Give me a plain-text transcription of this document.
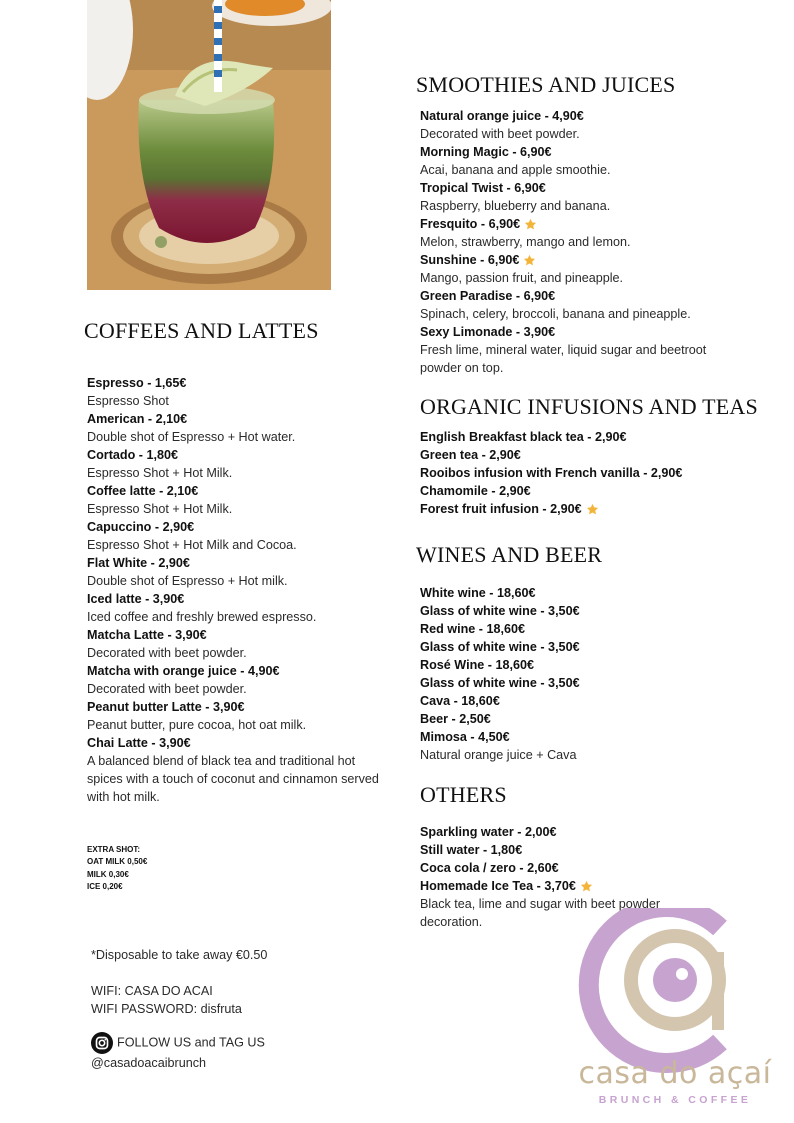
COFFEES AND LATTES
Espresso - 1,65€
Espresso Shot
American - 2,10€
Double shot of Espresso + Hot water.
Cortado - 1,80€
Espresso Shot + Hot Milk.
Coffee latte - 2,10€
Espresso Shot + Hot Milk.
Capuccino - 2,90€
Espresso Shot + Hot Milk and Cocoa.
Flat White - 2,90€
Double shot of Espresso + Hot milk.
Iced latte - 3,90€
Iced coffee and freshly brewed espresso.
Matcha Latte - 3,90€
Decorated with beet powder.
Matcha with orange juice - 4,90€
Decorated with beet powder.
Peanut butter Latte - 3,90€
Peanut butter, pure cocoa, hot oat milk.
Chai Latte - 3,90€
A balanced blend of black tea and traditional hot spices with a touch of coconut and cinnamon served with hot milk.
EXTRA SHOT:
OAT MILK 0,50€
MILK 0,30€
ICE 0,20€
*Disposable to take away €0.50
WIFI: CASA DO ACAI
WIFI PASSWORD: disfruta
FOLLOW US and TAG US
@casadoacaibrunch
SMOOTHIES AND JUICES
Natural orange juice - 4,90€
Decorated with beet powder.
Morning Magic - 6,90€
Acai, banana and apple smoothie.
Tropical Twist - 6,90€
Raspberry, blueberry and banana.
Fresquito - 6,90€
Melon, strawberry, mango and lemon.
Sunshine - 6,90€
Mango, passion fruit, and pineapple.
Green Paradise - 6,90€
Spinach, celery, broccoli, banana and pineapple.
Sexy Limonade - 3,90€
Fresh lime, mineral water, liquid sugar and beetroot powder on top.
ORGANIC INFUSIONS AND TEAS
English Breakfast black tea - 2,90€
Green tea - 2,90€
Rooibos infusion with French vanilla - 2,90€
Chamomile - 2,90€
Forest fruit infusion - 2,90€
WINES AND BEER
White wine - 18,60€
Glass of white wine - 3,50€
Red wine - 18,60€
Glass of white wine - 3,50€
Rosé Wine - 18,60€
Glass of white wine - 3,50€
Cava - 18,60€
Beer - 2,50€
Mimosa - 4,50€
Natural orange juice + Cava
OTHERS
Sparkling water - 2,00€
Still water - 1,80€
Coca cola / zero - 2,60€
Homemade Ice Tea - 3,70€
Black tea, lime and sugar with beet powder decoration.
casa do açaí
BRUNCH & COFFEE
